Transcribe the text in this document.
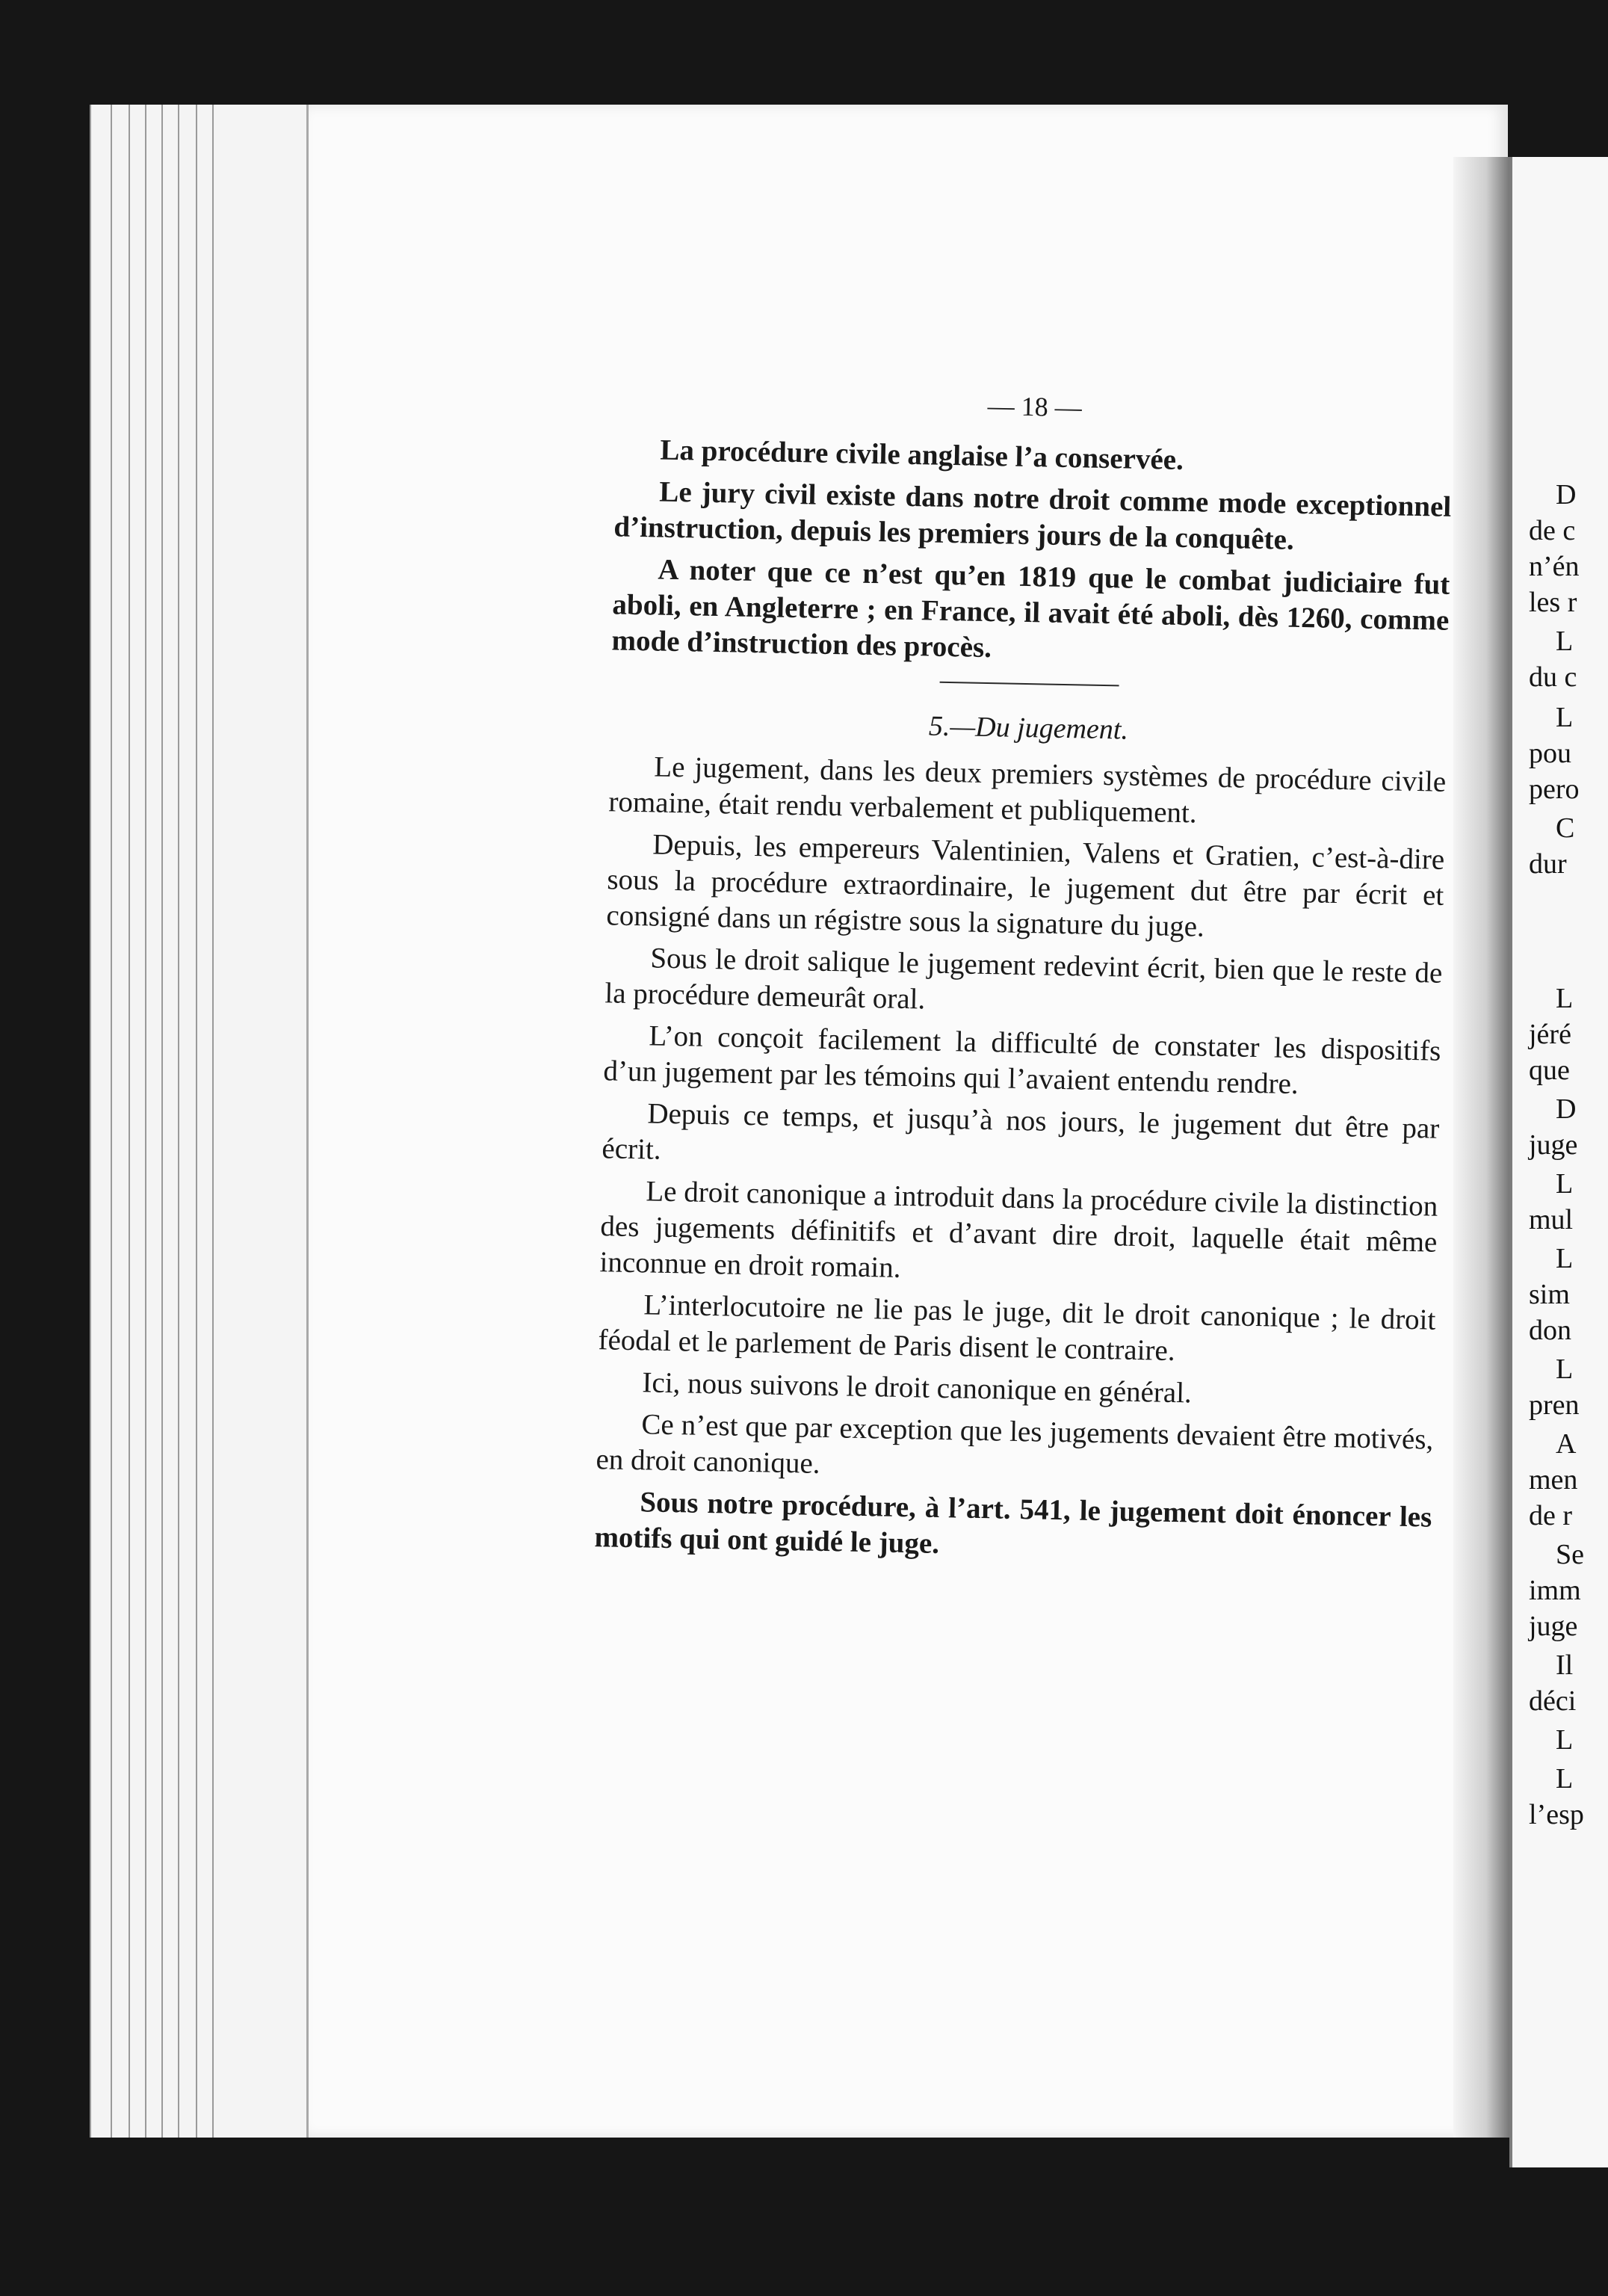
D
de c
n’én
les r
L
du c
L
pou
pero
C
dur
L
jéré
que
D
juge
L
mul
L
sim
don
L
pren
A
men
de r
Se
imm
juge
Il
déci
L
L
l’esp
— 18 —

La procédure civile anglaise l’a conservée.

Le jury civil existe dans notre droit comme mode exceptionnel d’instruction, depuis les premiers jours de la conquête.

A noter que ce n’est qu’en 1819 que le combat judiciaire fut aboli, en Angleterre ; en France, il avait été aboli, dès 1260, comme mode d’instruction des procès.

5.—Du jugement.

Le jugement, dans les deux premiers systèmes de procédure civile romaine, était rendu verbalement et publiquement.

Depuis, les empereurs Valentinien, Valens et Gratien, c’est-à-dire sous la procédure extraordinaire, le jugement dut être par écrit et consigné dans un régistre sous la signature du juge.

Sous le droit salique le jugement redevint écrit, bien que le reste de la procédure demeurât oral.

L’on conçoit facilement la difficulté de constater les dispositifs d’un jugement par les témoins qui l’avaient entendu rendre.

Depuis ce temps, et jusqu’à nos jours, le jugement dut être par écrit.

Le droit canonique a introduit dans la procédure civile la distinction des jugements définitifs et d’avant dire droit, laquelle était même inconnue en droit romain.

L’interlocutoire ne lie pas le juge, dit le droit canonique ; le droit féodal et le parlement de Paris disent le contraire.

Ici, nous suivons le droit canonique en général.

Ce n’est que par exception que les jugements devaient être motivés, en droit canonique.

Sous notre procédure, à l’art. 541, le jugement doit énoncer les motifs qui ont guidé le juge.
